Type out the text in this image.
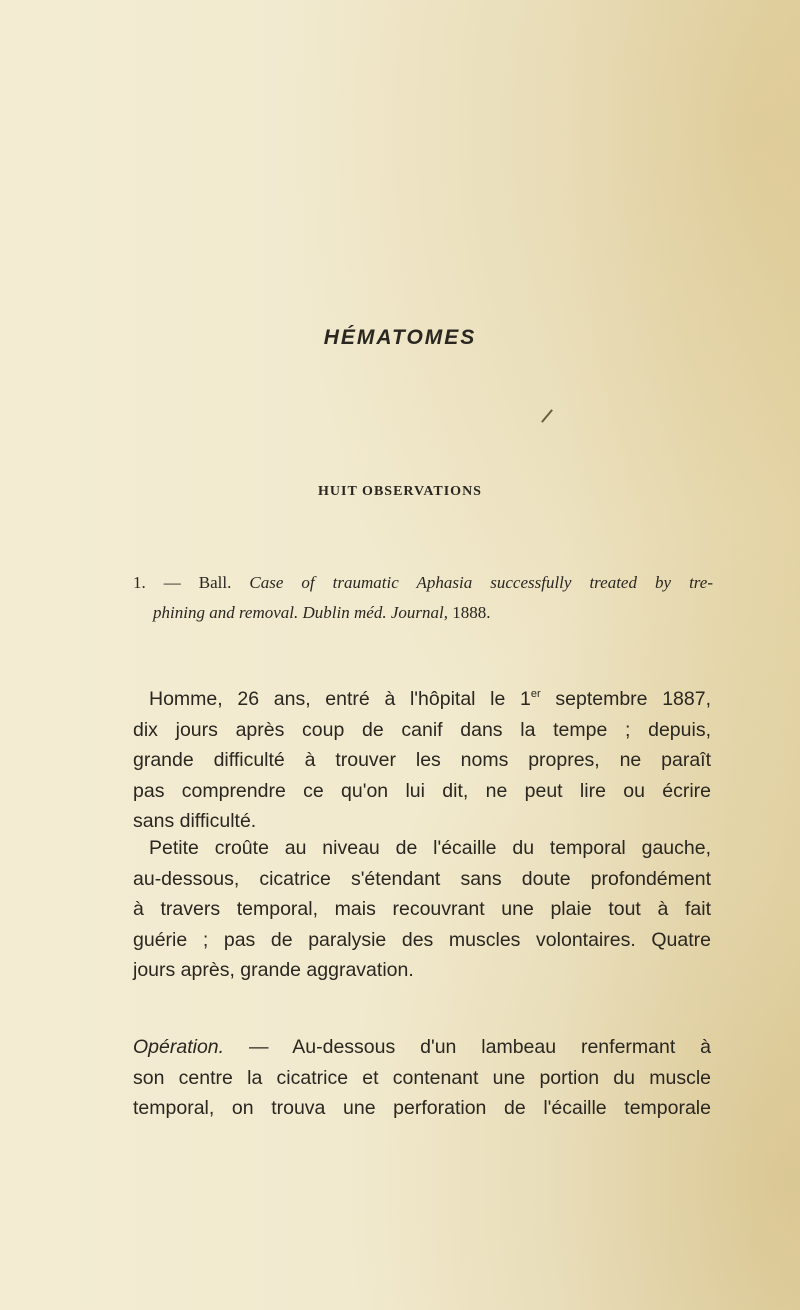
HÉMATOMES
HUIT OBSERVATIONS
1. — Ball. Case of traumatic Aphasia successfully treated by tre-
phining and removal. Dublin méd. Journal, 1888.
Homme, 26 ans, entré à l'hôpital le 1er septembre 1887,
dix jours après coup de canif dans la tempe ; depuis,
grande difficulté à trouver les noms propres, ne paraît
pas comprendre ce qu'on lui dit, ne peut lire ou écrire
sans difficulté.
Petite croûte au niveau de l'écaille du temporal gauche,
au-dessous, cicatrice s'étendant sans doute profondément
à travers temporal, mais recouvrant une plaie tout à fait
guérie ; pas de paralysie des muscles volontaires. Quatre
jours après, grande aggravation.
Opération. — Au-dessous d'un lambeau renfermant à
son centre la cicatrice et contenant une portion du muscle
temporal, on trouva une perforation de l'écaille temporale
